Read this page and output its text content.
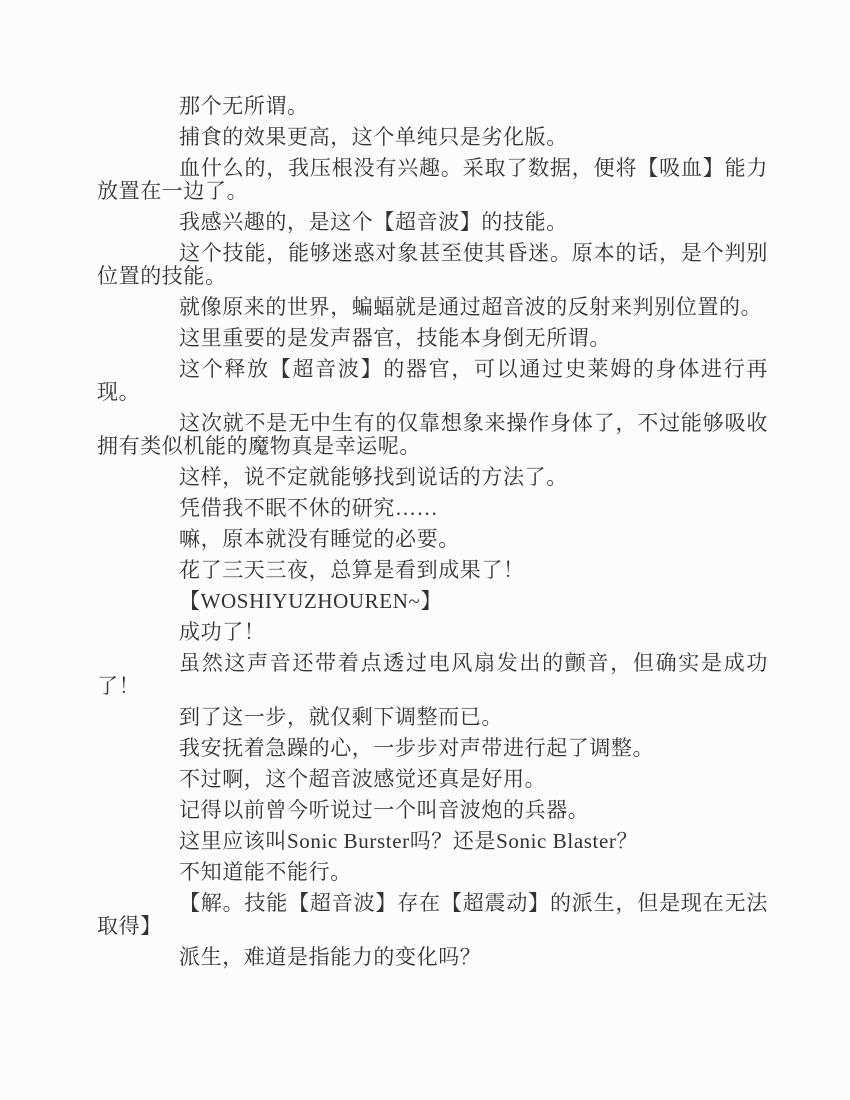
那个无所谓。

捕食的效果更高，这个单纯只是劣化版。

血什么的，我压根没有兴趣。采取了数据，便将【吸血】能力放置在一边了。

我感兴趣的，是这个【超音波】的技能。

这个技能，能够迷惑对象甚至使其昏迷。原本的话，是个判别位置的技能。

就像原来的世界，蝙蝠就是通过超音波的反射来判别位置的。

这里重要的是发声器官，技能本身倒无所谓。

这个释放【超音波】的器官，可以通过史莱姆的身体进行再现。

这次就不是无中生有的仅靠想象来操作身体了，不过能够吸收拥有类似机能的魔物真是幸运呢。

这样，说不定就能够找到说话的方法了。

凭借我不眠不休的研究……

嘛，原本就没有睡觉的必要。

花了三天三夜，总算是看到成果了！

【WOSHIYUZHOUREN~】

成功了！

虽然这声音还带着点透过电风扇发出的颤音，但确实是成功了！

到了这一步，就仅剩下调整而已。

我安抚着急躁的心，一步步对声带进行起了调整。

不过啊，这个超音波感觉还真是好用。

记得以前曾今听说过一个叫音波炮的兵器。

这里应该叫Sonic Burster吗？还是Sonic Blaster？

不知道能不能行。

【解。技能【超音波】存在【超震动】的派生，但是现在无法取得】

派生，难道是指能力的变化吗？
